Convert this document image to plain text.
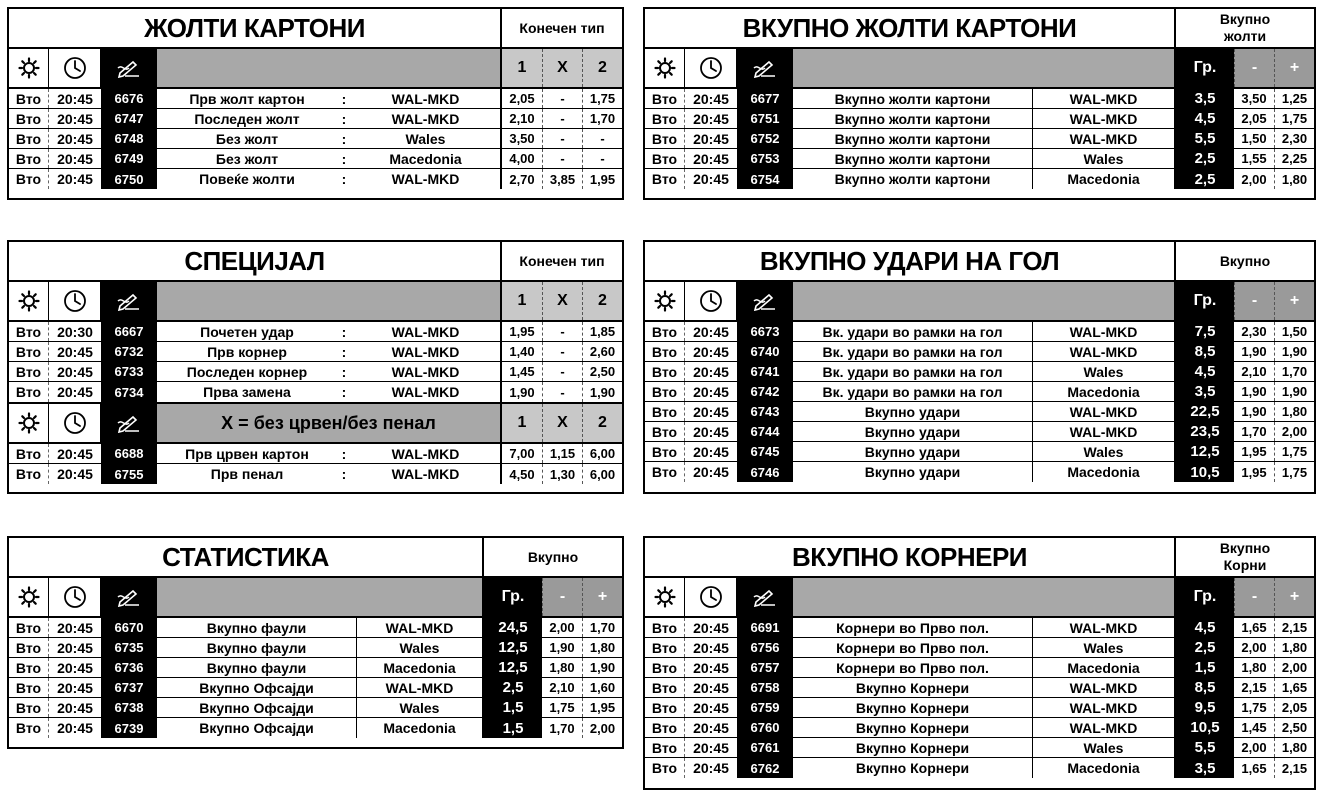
ЖОЛТИ КАРТОНИ	Конечен тип
1	X	2
Вто	20:45	6676	Прв жолт картон	:	WAL-MKD	2,05	-	1,75
Вто	20:45	6747	Последен жолт	:	WAL-MKD	2,10	-	1,70
Вто	20:45	6748	Без жолт	:	Wales	3,50	-	-
Вто	20:45	6749	Без жолт	:	Macedonia	4,00	-	-
Вто	20:45	6750	Повеќе жолти	:	WAL-MKD	2,70	3,85	1,95
ВКУПНО ЖОЛТИ КАРТОНИ	Вкупно жолти
Гр.	-	+
Вто	20:45	6677	Вкупно жолти картони	WAL-MKD	3,5	3,50	1,25
Вто	20:45	6751	Вкупно жолти картони	WAL-MKD	4,5	2,05	1,75
Вто	20:45	6752	Вкупно жолти картони	WAL-MKD	5,5	1,50	2,30
Вто	20:45	6753	Вкупно жолти картони	Wales	2,5	1,55	2,25
Вто	20:45	6754	Вкупно жолти картони	Macedonia	2,5	2,00	1,80
СПЕЦИЈАЛ	Конечен тип
1	X	2
Вто	20:30	6667	Почетен удар	:	WAL-MKD	1,95	-	1,85
Вто	20:45	6732	Прв корнер	:	WAL-MKD	1,40	-	2,60
Вто	20:45	6733	Последен корнер	:	WAL-MKD	1,45	-	2,50
Вто	20:45	6734	Прва замена	:	WAL-MKD	1,90	-	1,90
X = без црвен/без пенал	1	X	2
Вто	20:45	6688	Прв црвен картон	:	WAL-MKD	7,00	1,15	6,00
Вто	20:45	6755	Прв пенал	:	WAL-MKD	4,50	1,30	6,00
ВКУПНО УДАРИ НА ГОЛ	Вкупно
Гр.	-	+
Вто	20:45	6673	Вк. удари во рамки на гол	WAL-MKD	7,5	2,30	1,50
Вто	20:45	6740	Вк. удари во рамки на гол	WAL-MKD	8,5	1,90	1,90
Вто	20:45	6741	Вк. удари во рамки на гол	Wales	4,5	2,10	1,70
Вто	20:45	6742	Вк. удари во рамки на гол	Macedonia	3,5	1,90	1,90
Вто	20:45	6743	Вкупно удари	WAL-MKD	22,5	1,90	1,80
Вто	20:45	6744	Вкупно удари	WAL-MKD	23,5	1,70	2,00
Вто	20:45	6745	Вкупно удари	Wales	12,5	1,95	1,75
Вто	20:45	6746	Вкупно удари	Macedonia	10,5	1,95	1,75
СТАТИСТИКА	Вкупно
Гр.	-	+
Вто	20:45	6670	Вкупно фаули	WAL-MKD	24,5	2,00	1,70
Вто	20:45	6735	Вкупно фаули	Wales	12,5	1,90	1,80
Вто	20:45	6736	Вкупно фаули	Macedonia	12,5	1,80	1,90
Вто	20:45	6737	Вкупно Офсајди	WAL-MKD	2,5	2,10	1,60
Вто	20:45	6738	Вкупно Офсајди	Wales	1,5	1,75	1,95
Вто	20:45	6739	Вкупно Офсајди	Macedonia	1,5	1,70	2,00
ВКУПНО КОРНЕРИ	Вкупно Корни
Гр.	-	+
Вто	20:45	6691	Корнери во Прво пол.	WAL-MKD	4,5	1,65	2,15
Вто	20:45	6756	Корнери во Прво пол.	Wales	2,5	2,00	1,80
Вто	20:45	6757	Корнери во Прво пол.	Macedonia	1,5	1,80	2,00
Вто	20:45	6758	Вкупно Корнери	WAL-MKD	8,5	2,15	1,65
Вто	20:45	6759	Вкупно Корнери	WAL-MKD	9,5	1,75	2,05
Вто	20:45	6760	Вкупно Корнери	WAL-MKD	10,5	1,45	2,50
Вто	20:45	6761	Вкупно Корнери	Wales	5,5	2,00	1,80
Вто	20:45	6762	Вкупно Корнери	Macedonia	3,5	1,65	2,15
